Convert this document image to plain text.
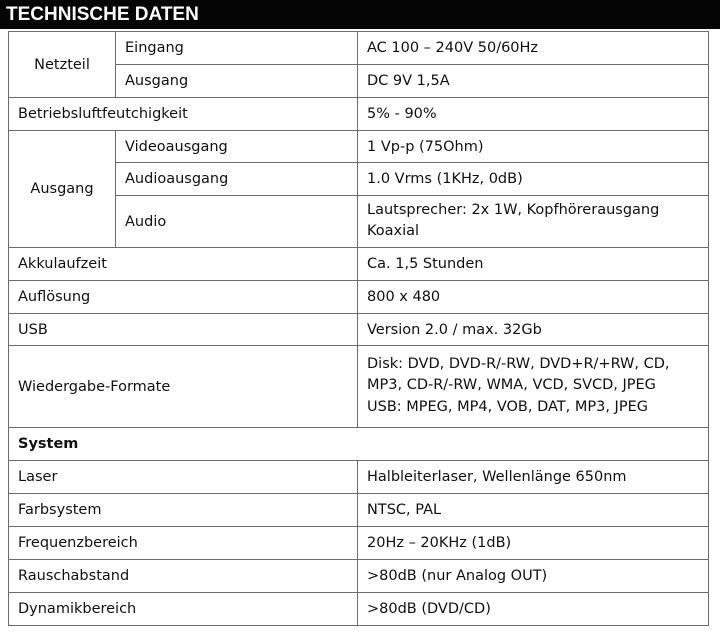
TECHNISCHE DATEN
Netzteil	Eingang	AC 100 – 240V 50/60Hz
	Ausgang	DC 9V 1,5A
Betriebsluftfeutchigkeit		5% - 90%
Ausgang	Videoausgang	1 Vp-p (75Ohm)
	Audioausgang	1.0 Vrms (1KHz, 0dB)
	Audio	Lautsprecher: 2x 1W, Kopfhörerausgang
Koaxial

Akkulaufzeit		Ca. 1,5 Stunden
Auflösung		800 x 480
USB		Version 2.0 / max. 32Gb
Wiedergabe-Formate		Disk: DVD, DVD-R/-RW, DVD+R/+RW, CD,
MP3, CD-R/-RW, WMA, VCD, SVCD, JPEG
USB: MPEG, MP4, VOB, DAT, MP3, JPEG

System		
Laser		Halbleiterlaser, Wellenlänge 650nm
Farbsystem		NTSC, PAL
Frequenzbereich		20Hz – 20KHz (1dB)
Rauschabstand		>80dB (nur Analog OUT)
Dynamikbereich		>80dB (DVD/CD)
